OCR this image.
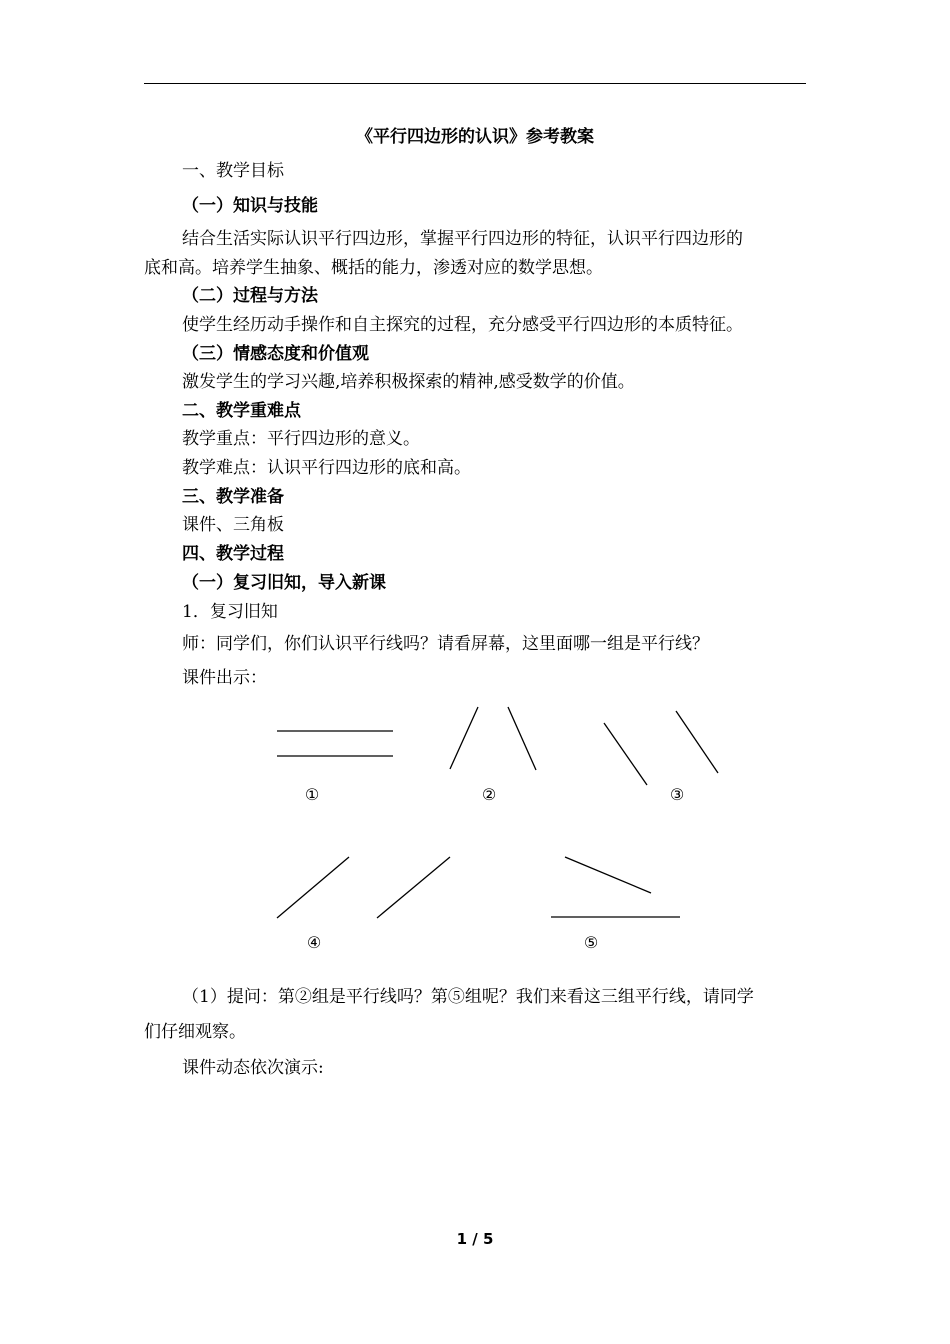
《平行四边形的认识》参考教案
一、教学目标
（一）知识与技能
结合生活实际认识平行四边形，掌握平行四边形的特征，认识平行四边形的
底和高。培养学生抽象、概括的能力，渗透对应的数学思想。
（二）过程与方法
使学生经历动手操作和自主探究的过程，充分感受平行四边形的本质特征。
（三）情感态度和价值观
激发学生的学习兴趣,培养积极探索的精神,感受数学的价值。
二、教学重难点
教学重点：平行四边形的意义。
教学难点：认识平行四边形的底和高。
三、教学准备
课件、三角板
四、教学过程
（一）复习旧知，导入新课
1．复习旧知
师：同学们，你们认识平行线吗？请看屏幕，这里面哪一组是平行线？
课件出示：
①	②	③
④	⑤
（1）提问：第②组是平行线吗？第⑤组呢？我们来看这三组平行线，请同学
们仔细观察。
课件动态依次演示:
1 / 5
